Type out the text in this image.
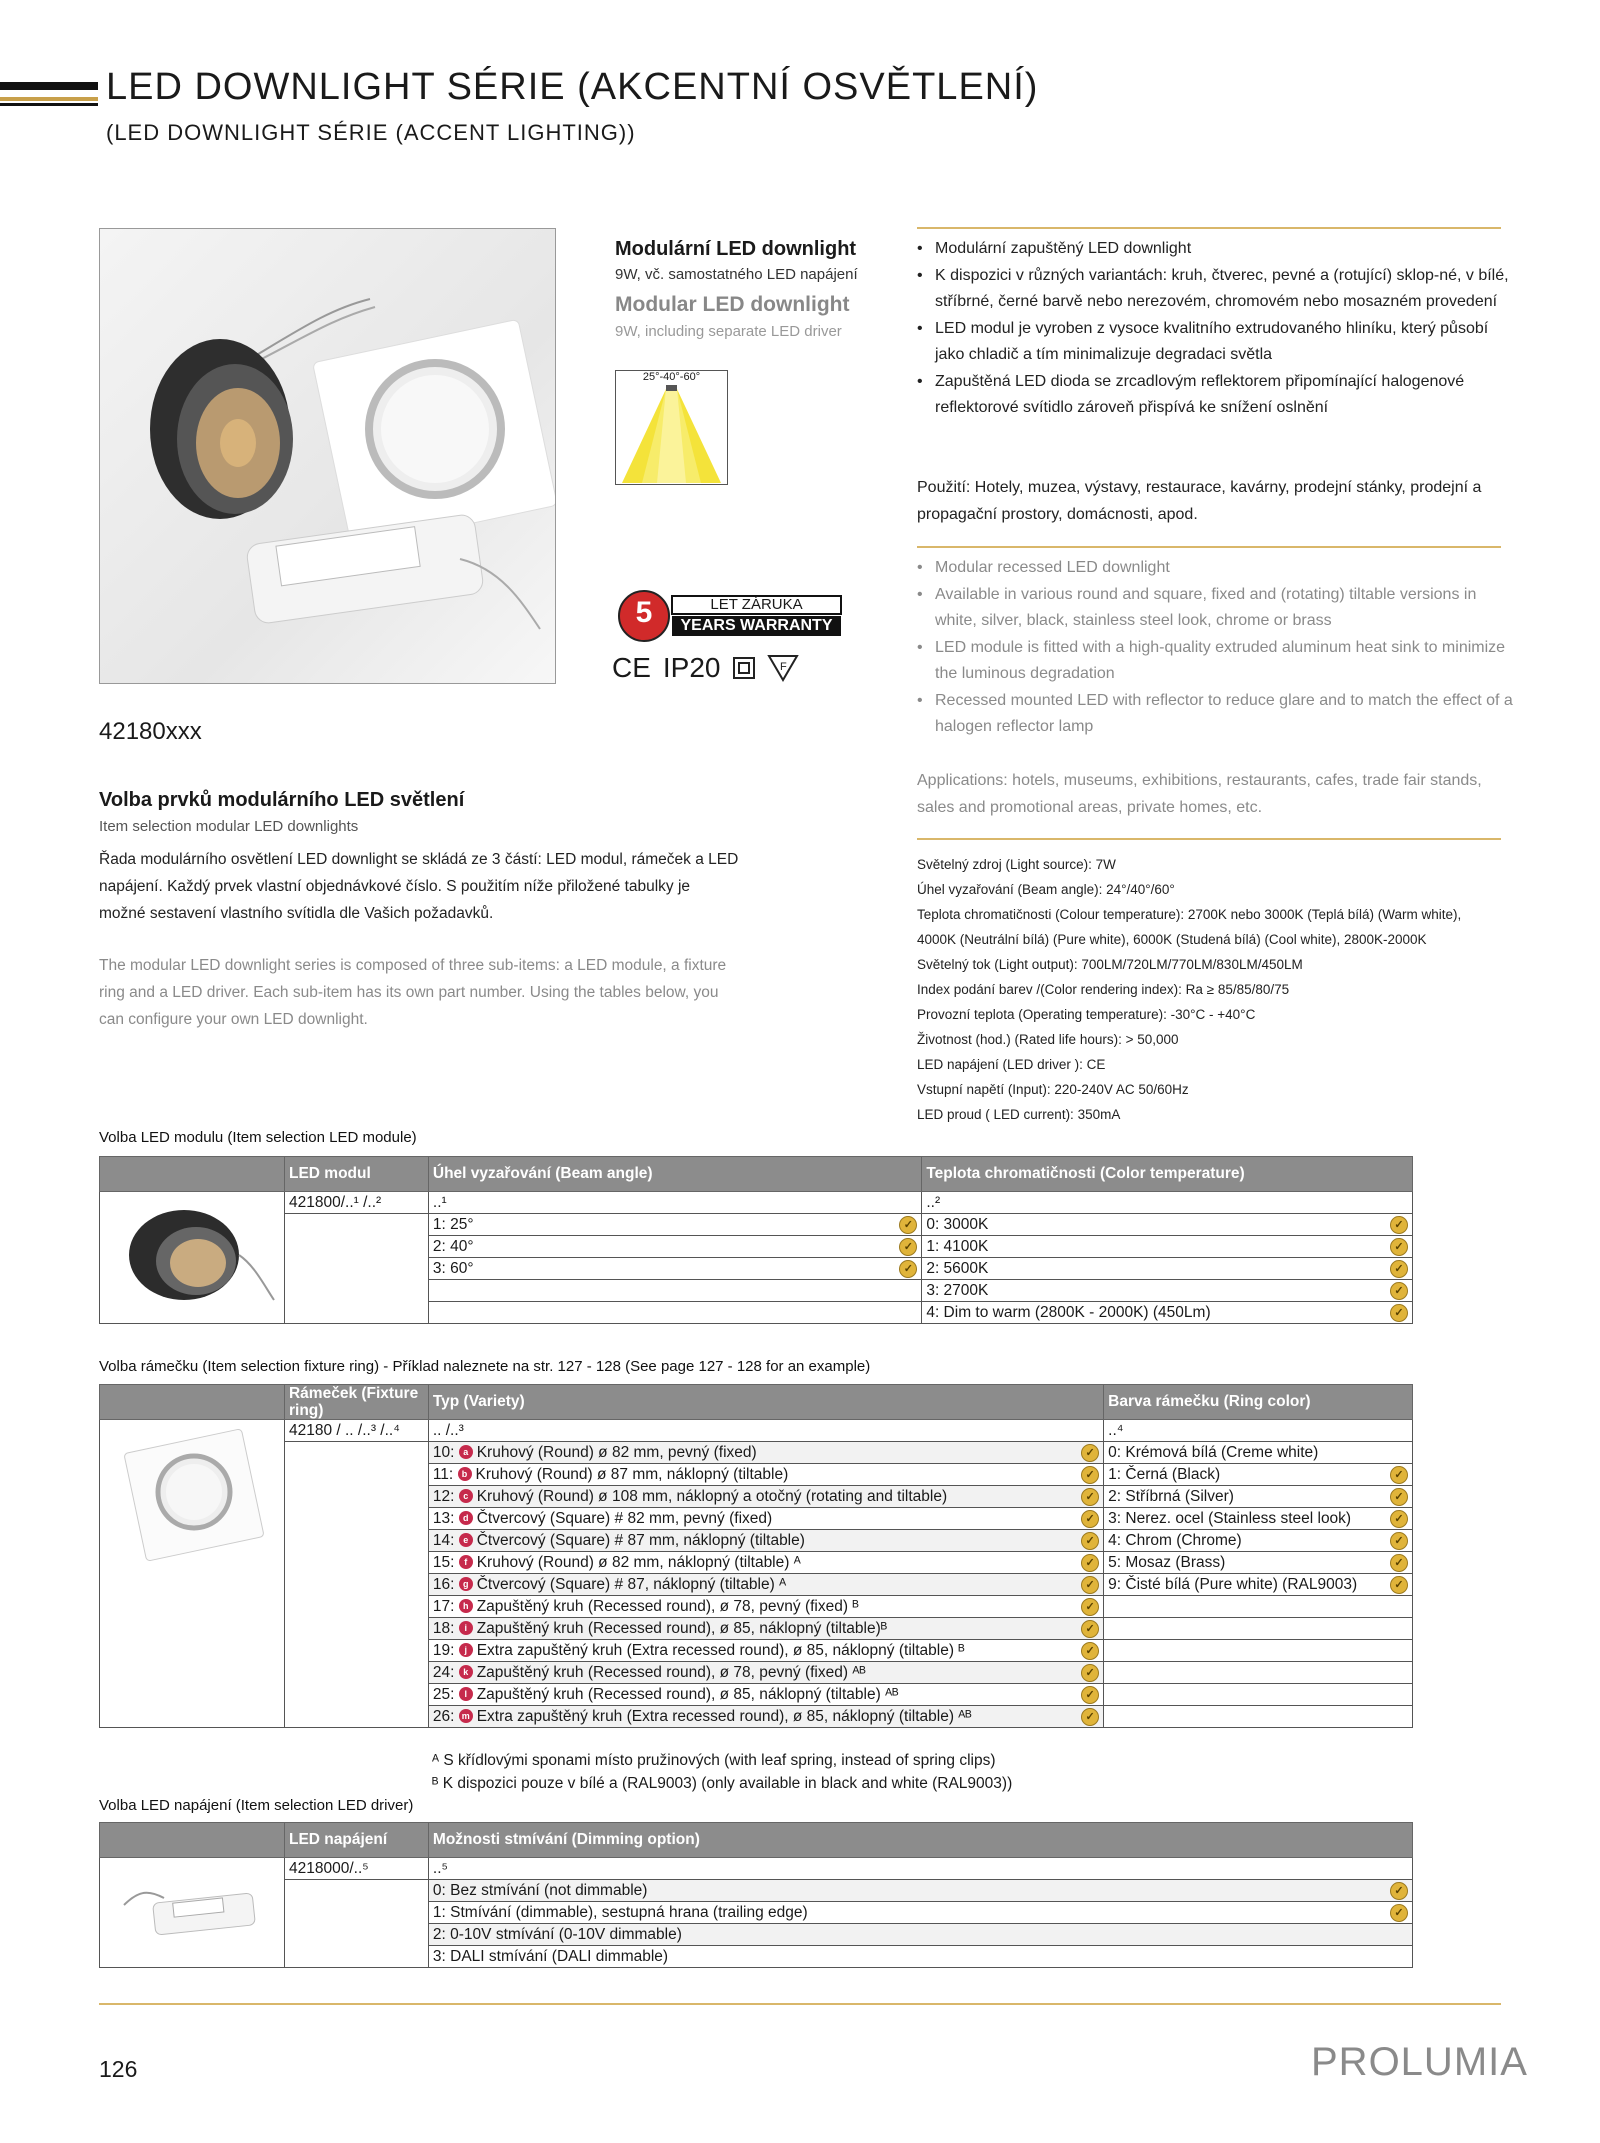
LED DOWNLIGHT SÉRIE (AKCENTNÍ OSVĚTLENÍ)
(LED DOWNLIGHT SÉRIE (ACCENT LIGHTING))
42180xxx
Modulární LED downlight
9W, vč. samostatného LED napájení
Modular LED downlight
9W, including separate LED driver
25°-40°-60°
5	LET ZÁRUKA
YEARS WARRANTY
CE IP20	F
• Modulární zapuštěný LED downlight
• K dispozici v různých variantách: kruh, čtverec, pevné a (rotující) sklop-né, v bílé, stříbrné, černé barvě nebo nerezovém, chromovém nebo mosazném provedení
• LED modul je vyroben z vysoce kvalitního extrudovaného hliníku, který působí jako chladič a tím minimalizuje degradaci světla
• Zapuštěná LED dioda se zrcadlovým reflektorem připomínající halogenové reflektorové svítidlo zároveň přispívá ke snížení oslnění
Použití: Hotely, muzea, výstavy, restaurace, kavárny, prodejní stánky, prodejní a propagační prostory, domácnosti, apod.
• Modular recessed LED downlight
• Available in various round and square, fixed and (rotating) tiltable versions in white, silver, black, stainless steel look, chrome or brass
• LED module is fitted with a high-quality extruded aluminum heat sink to minimize the luminous degradation
• Recessed mounted LED with reflector to reduce glare and to match the effect of a halogen reflector lamp
Applications: hotels, museums, exhibitions, restaurants, cafes, trade fair stands, sales and promotional areas, private homes, etc.
Světelný zdroj (Light source): 7W
Úhel vyzařování (Beam angle): 24°/40°/60°
Teplota chromatičnosti (Colour temperature): 2700K nebo 3000K (Teplá bílá) (Warm white),
4000K (Neutrální bílá) (Pure white), 6000K (Studená bílá) (Cool white), 2800K-2000K
Světelný tok (Light output): 700LM/720LM/770LM/830LM/450LM
Index podání barev /(Color rendering index): Ra ≥ 85/85/80/75
Provozní teplota (Operating temperature): -30°C - +40°C
Životnost (hod.) (Rated life hours): > 50,000
LED napájení (LED driver ): CE
Vstupní napětí (Input): 220-240V AC 50/60Hz
LED proud ( LED current): 350mA
Volba prvků modulárního LED světlení
Item selection modular LED downlights
Řada modulárního osvětlení LED downlight se skládá ze 3 částí: LED modul, rámeček a LED napájení. Každý prvek vlastní objednávkové číslo. S použitím níže přiložené tabulky je možné sestavení vlastního svítidla dle Vašich požadavků.
The modular LED downlight series is composed of three sub-items: a LED module, a fixture ring and a LED driver. Each sub-item has its own part number. Using the tables below, you can configure your own LED downlight.
Volba LED modulu (Item selection LED module)
	LED modul	Úhel vyzařování (Beam angle)	Teplota chromatičnosti (Color temperature)
	421800/..¹ /..²	..¹	..²
		1: 25° ✓	0: 3000K ✓

		2: 40° ✓	1: 4100K ✓

		3: 60° ✓	2: 5600K ✓

			3: 2700K ✓

			4: Dim to warm (2800K - 2000K) (450Lm) ✓
Volba rámečku (Item selection fixture ring) - Příklad naleznete na str. 127 - 128 (See page 127 - 128 for an example)
	Rámeček (Fixture ring)	Typ (Variety)	Barva rámečku (Ring color)
	42180 / .. /..³ /..⁴	.. /..³	..⁴
		10: a Kruhový (Round) ø 82 mm, pevný (fixed) ✓	0: Krémová bílá (Creme white)
		11: b Kruhový (Round) ø 87 mm, náklopný (tiltable) ✓	1: Černá (Black) ✓

		12: c Kruhový (Round) ø 108 mm, náklopný a otočný (rotating and tiltable) ✓	2: Stříbrná (Silver) ✓

		13: d Čtvercový (Square) # 82 mm, pevný (fixed) ✓	3: Nerez. ocel (Stainless steel look) ✓

		14: e Čtvercový (Square) # 87 mm, náklopný (tiltable) ✓	4: Chrom (Chrome) ✓

		15: f Kruhový (Round) ø 82 mm, náklopný (tiltable) ᴬ ✓	5: Mosaz (Brass) ✓

		16: g Čtvercový (Square) # 87, náklopný (tiltable) ᴬ ✓	9: Čisté bílá (Pure white) (RAL9003) ✓

		17: h Zapuštěný kruh (Recessed round), ø 78, pevný (fixed) ᴮ ✓	

		18: i Zapuštěný kruh (Recessed round), ø 85, náklopný (tiltable)ᴮ ✓	

		19: j Extra zapuštěný kruh (Extra recessed round), ø 85, náklopný (tiltable) ᴮ ✓	

		24: k Zapuštěný kruh (Recessed round), ø 78, pevný (fixed) ᴬᴮ ✓	

		25: l Zapuštěný kruh (Recessed round), ø 85, náklopný (tiltable) ᴬᴮ ✓	

		26: m Extra zapuštěný kruh (Extra recessed round), ø 85, náklopný (tiltable) ᴬᴮ ✓	

ᴬ S křídlovými sponami místo pružinových (with leaf spring, instead of spring clips)
ᴮ K dispozici pouze v bílé a (RAL9003) (only available in black and white (RAL9003))
Volba LED napájení (Item selection LED driver)
	LED napájení	Možnosti stmívání (Dimming option)
	4218000/..⁵	..⁵
		0: Bez stmívání (not dimmable) ✓

		1: Stmívání (dimmable), sestupná hrana (trailing edge) ✓

		2: 0-10V stmívání (0-10V dimmable)
		3: DALI stmívání (DALI dimmable)
126	PROLUMIA
